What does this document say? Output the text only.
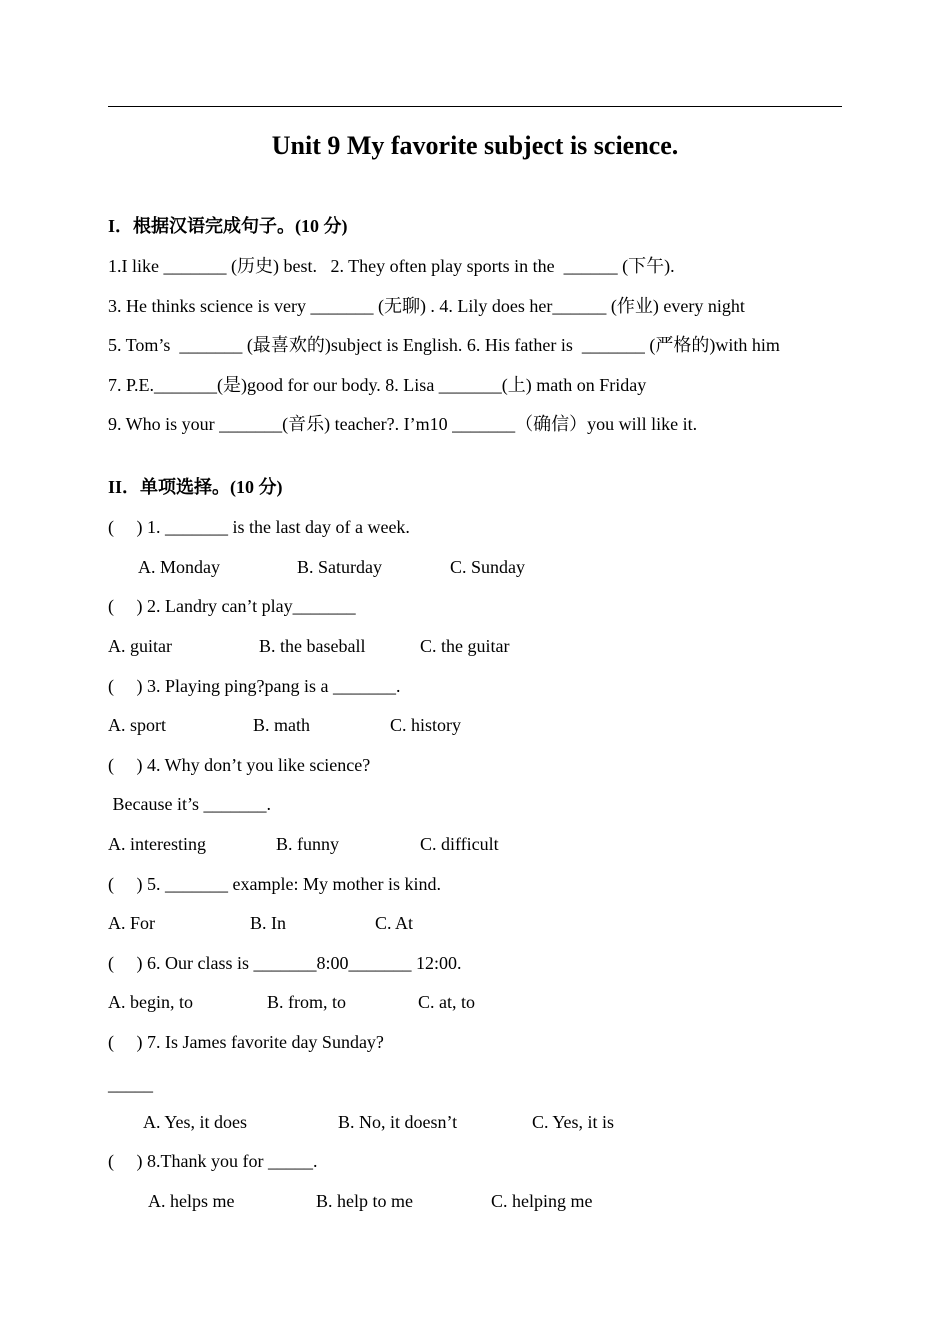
Unit 9 My favorite subject is science.
I．根据汉语完成句子。(10 分)
1.I like _______ (历史) best.   2. They often play sports in the  ______ (下午).
3. He thinks science is very _______ (无聊) . 4. Lily does her______ (作业) every night
5. Tom’s  _______ (最喜欢的)subject is English. 6. His father is  _______ (严格的)with him
7. P.E._______(是)good for our body. 8. Lisa _______(上) math on Friday
9. Who is your _______(音乐) teacher?. I’m10 _______（确信）you will like it.
II．单项选择。(10 分)
(     ) 1. _______ is the last day of a week.
A. Monday	B. Saturday	C. Sunday
(     ) 2. Landry can’t play_______
A. guitar	B. the baseball	C. the guitar
(     ) 3. Playing ping?pang is a _______.
A. sport	B. math	C. history
(     ) 4. Why don’t you like science?
Because it’s _______.
A. interesting	B. funny	C. difficult
(     ) 5. _______ example: My mother is kind.
A. For	B. In	C. At
(     ) 6. Our class is _______8:00_______ 12:00.
A. begin, to	B. from, to	C. at, to
(     ) 7. Is James favorite day Sunday?
_____
A. Yes, it does	B. No, it doesn’t	C. Yes, it is
(     ) 8.Thank you for _____.
A. helps me	B. help to me	C. helping me
